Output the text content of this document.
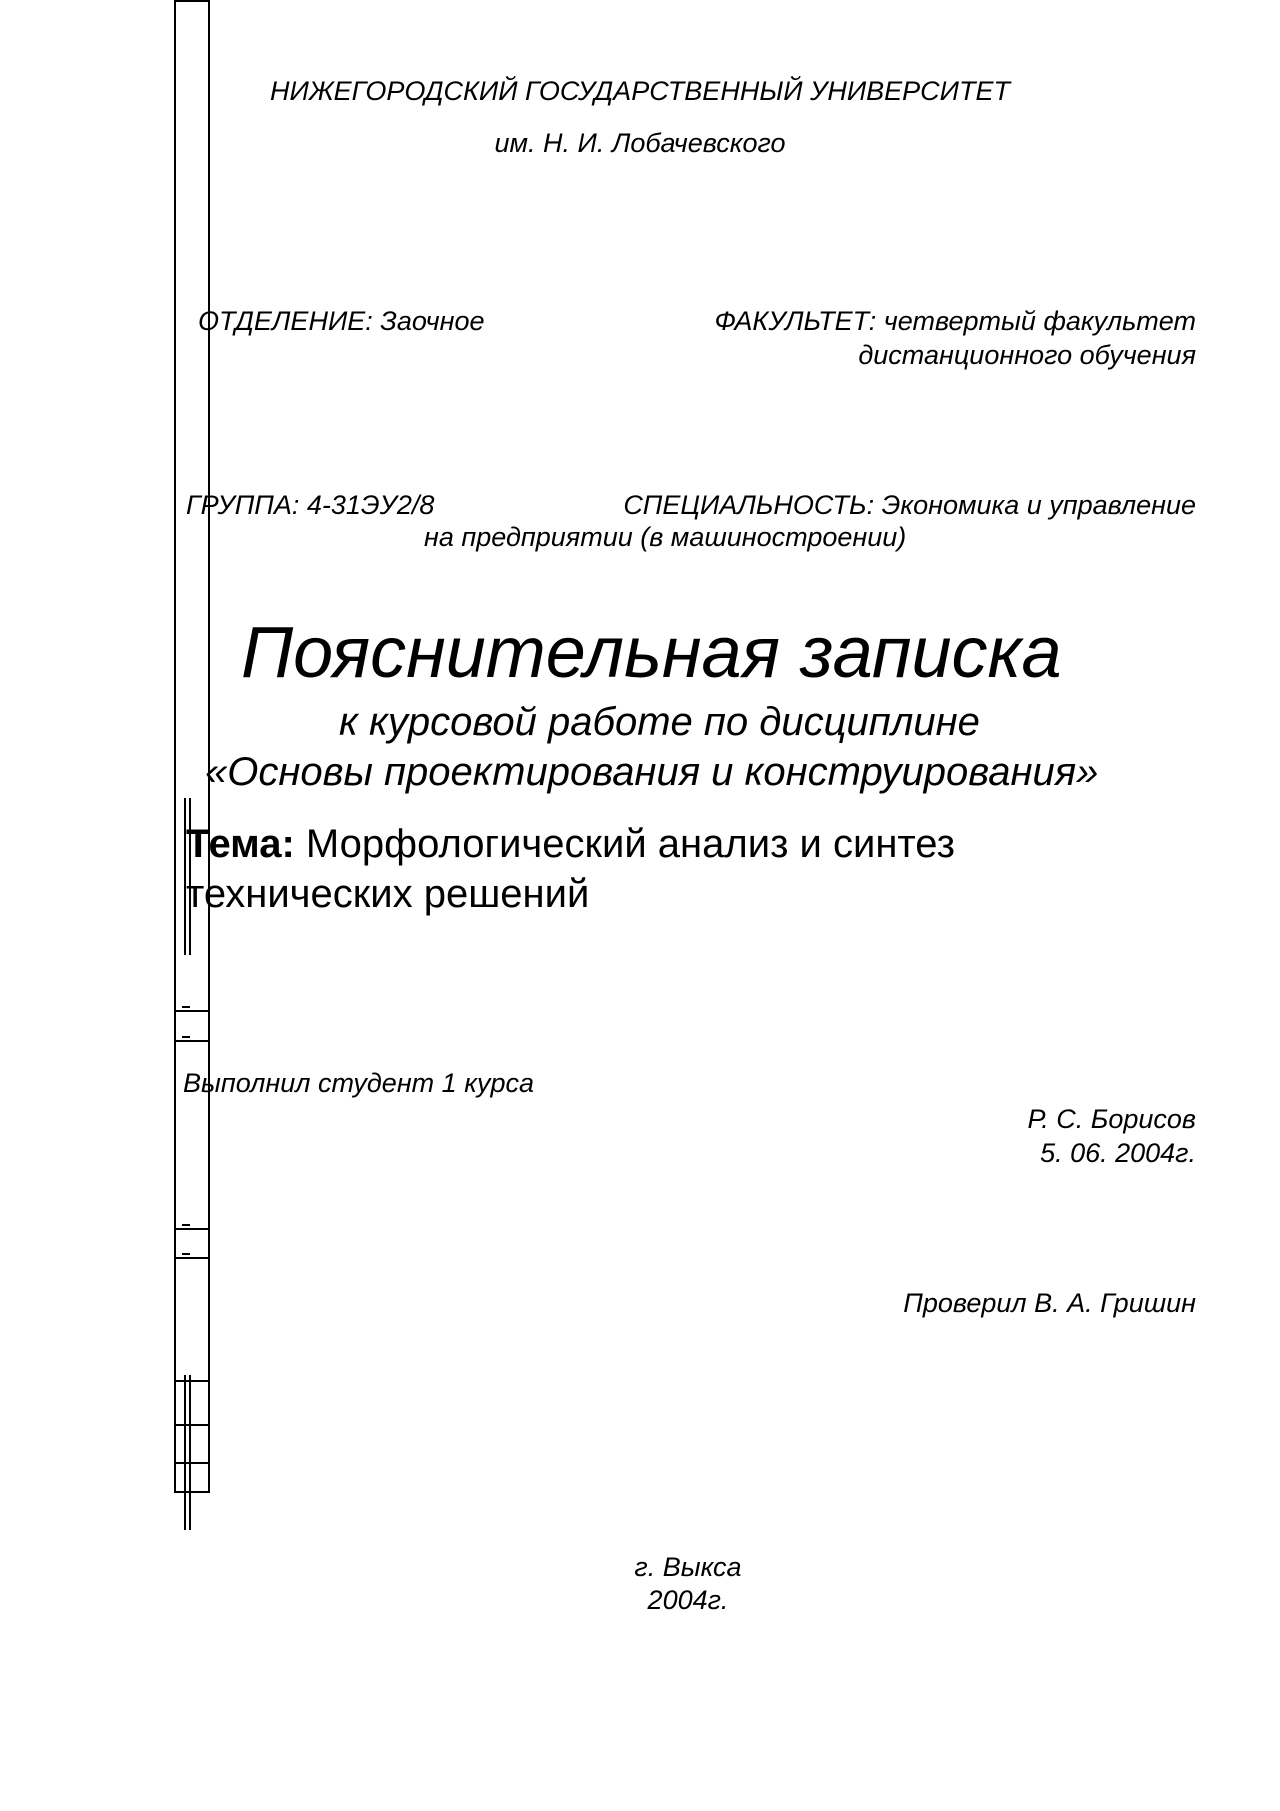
НИЖЕГОРОДСКИЙ ГОСУДАРСТВЕННЫЙ УНИВЕРСИТЕТ
им. Н. И. Лобачевского
ОТДЕЛЕНИЕ: Заочное	ФАКУЛЬТЕТ: четвертый факультет
дистанционного обучения
ГРУППА: 4-31ЭУ2/8	СПЕЦИАЛЬНОСТЬ: Экономика и управление
на предприятии (в машиностроении)
Пояснительная записка
к курсовой работе по дисциплине
«Основы проектирования и конструирования»
Тема: Морфологический анализ и синтез
технических решений
Выполнил студент 1 курса
Р. С. Борисов
5. 06. 2004г.
Проверил В. А. Гришин
г. Выкса
2004г.
